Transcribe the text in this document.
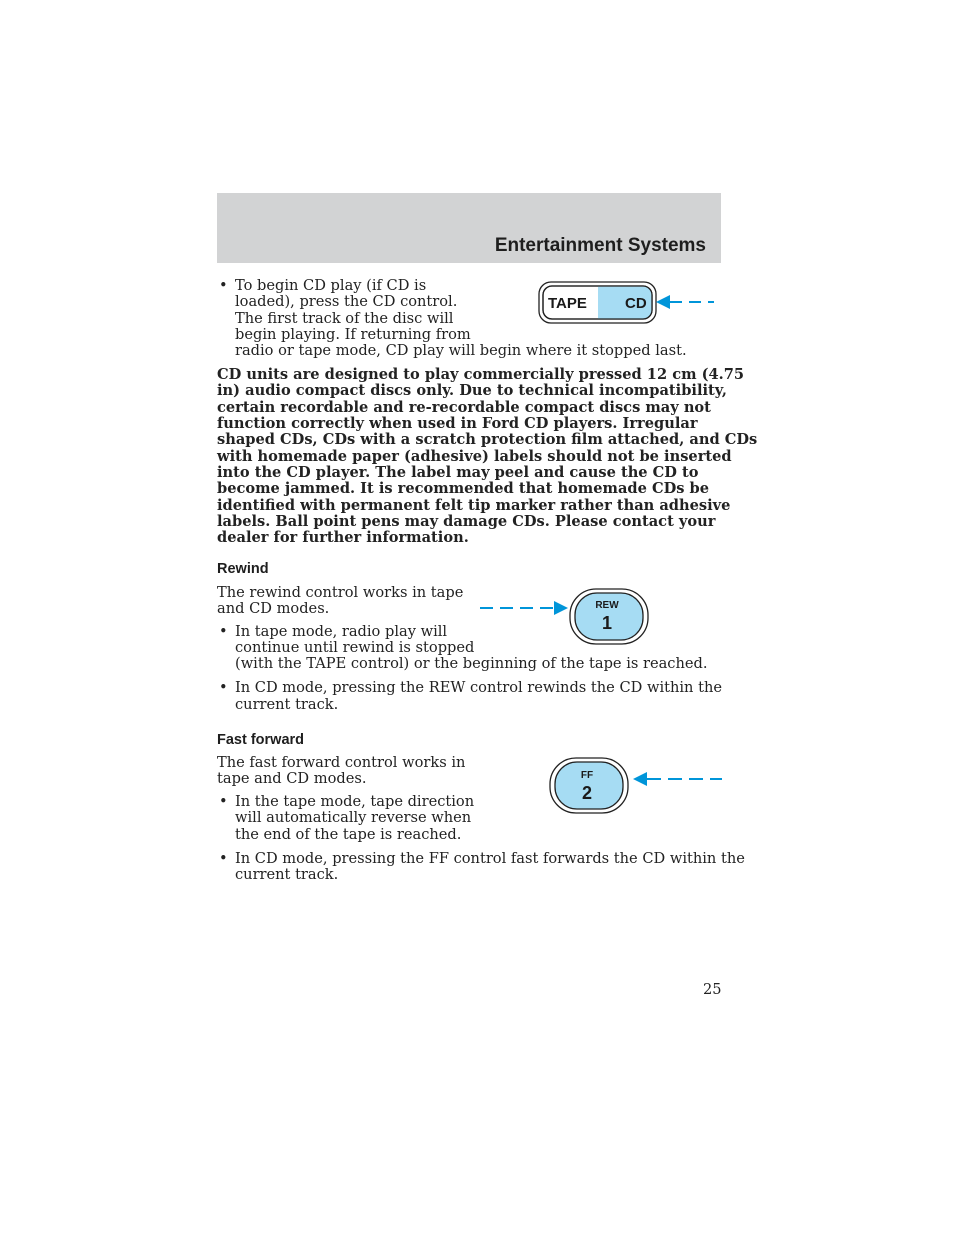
Entertainment Systems
• To begin CD play (if CD is
loaded), press the CD control.
The first track of the disc will
begin playing. If returning from
radio or tape mode, CD play will begin where it stopped last.
TAPE	CD
CD units are designed to play commercially pressed 12 cm (4.75
in) audio compact discs only. Due to technical incompatibility,
certain recordable and re-recordable compact discs may not
function correctly when used in Ford CD players. Irregular
shaped CDs, CDs with a scratch protection film attached, and CDs
with homemade paper (adhesive) labels should not be inserted
into the CD player. The label may peel and cause the CD to
become jammed. It is recommended that homemade CDs be
identified with permanent felt tip marker rather than adhesive
labels. Ball point pens may damage CDs. Please contact your
dealer for further information.
Rewind
The rewind control works in tape
and CD modes.
• In tape mode, radio play will
continue until rewind is stopped
(with the TAPE control) or the beginning of the tape is reached.
• In CD mode, pressing the REW control rewinds the CD within the
current track.
REW
1
Fast forward
The fast forward control works in
tape and CD modes.
• In the tape mode, tape direction
will automatically reverse when
the end of the tape is reached.
• In CD mode, pressing the FF control fast forwards the CD within the
current track.
FF
2
25
